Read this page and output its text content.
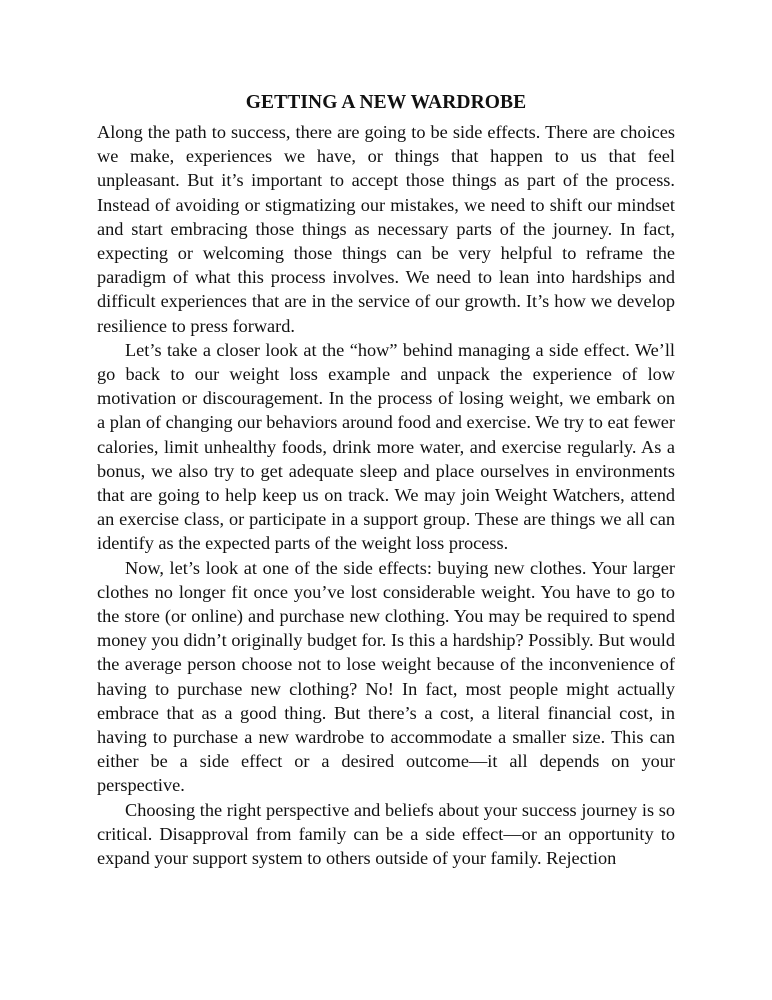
GETTING A NEW WARDROBE

Along the path to success, there are going to be side effects. There are choices we make, experiences we have, or things that happen to us that feel unpleasant. But it’s important to accept those things as part of the process. Instead of avoiding or stigmatizing our mistakes, we need to shift our mindset and start embracing those things as necessary parts of the journey. In fact, expecting or welcoming those things can be very helpful to reframe the paradigm of what this process involves. We need to lean into hardships and difficult experiences that are in the service of our growth. It’s how we develop resilience to press forward.

Let’s take a closer look at the “how” behind managing a side effect. We’ll go back to our weight loss example and unpack the experience of low motivation or discouragement. In the process of losing weight, we embark on a plan of changing our behaviors around food and exercise. We try to eat fewer calories, limit unhealthy foods, drink more water, and exercise regularly. As a bonus, we also try to get adequate sleep and place ourselves in environments that are going to help keep us on track. We may join Weight Watchers, attend an exercise class, or participate in a support group. These are things we all can identify as the expected parts of the weight loss process.

Now, let’s look at one of the side effects: buying new clothes. Your larger clothes no longer fit once you’ve lost considerable weight. You have to go to the store (or online) and purchase new clothing. You may be required to spend money you didn’t originally budget for. Is this a hardship? Possibly. But would the average person choose not to lose weight because of the inconvenience of having to purchase new clothing? No! In fact, most people might actually embrace that as a good thing. But there’s a cost, a literal financial cost, in having to purchase a new wardrobe to accommodate a smaller size. This can either be a side effect or a desired outcome—it all depends on your perspective.

Choosing the right perspective and beliefs about your success journey is so critical. Disapproval from family can be a side effect—or an opportunity to expand your support system to others outside of your family. Rejection
